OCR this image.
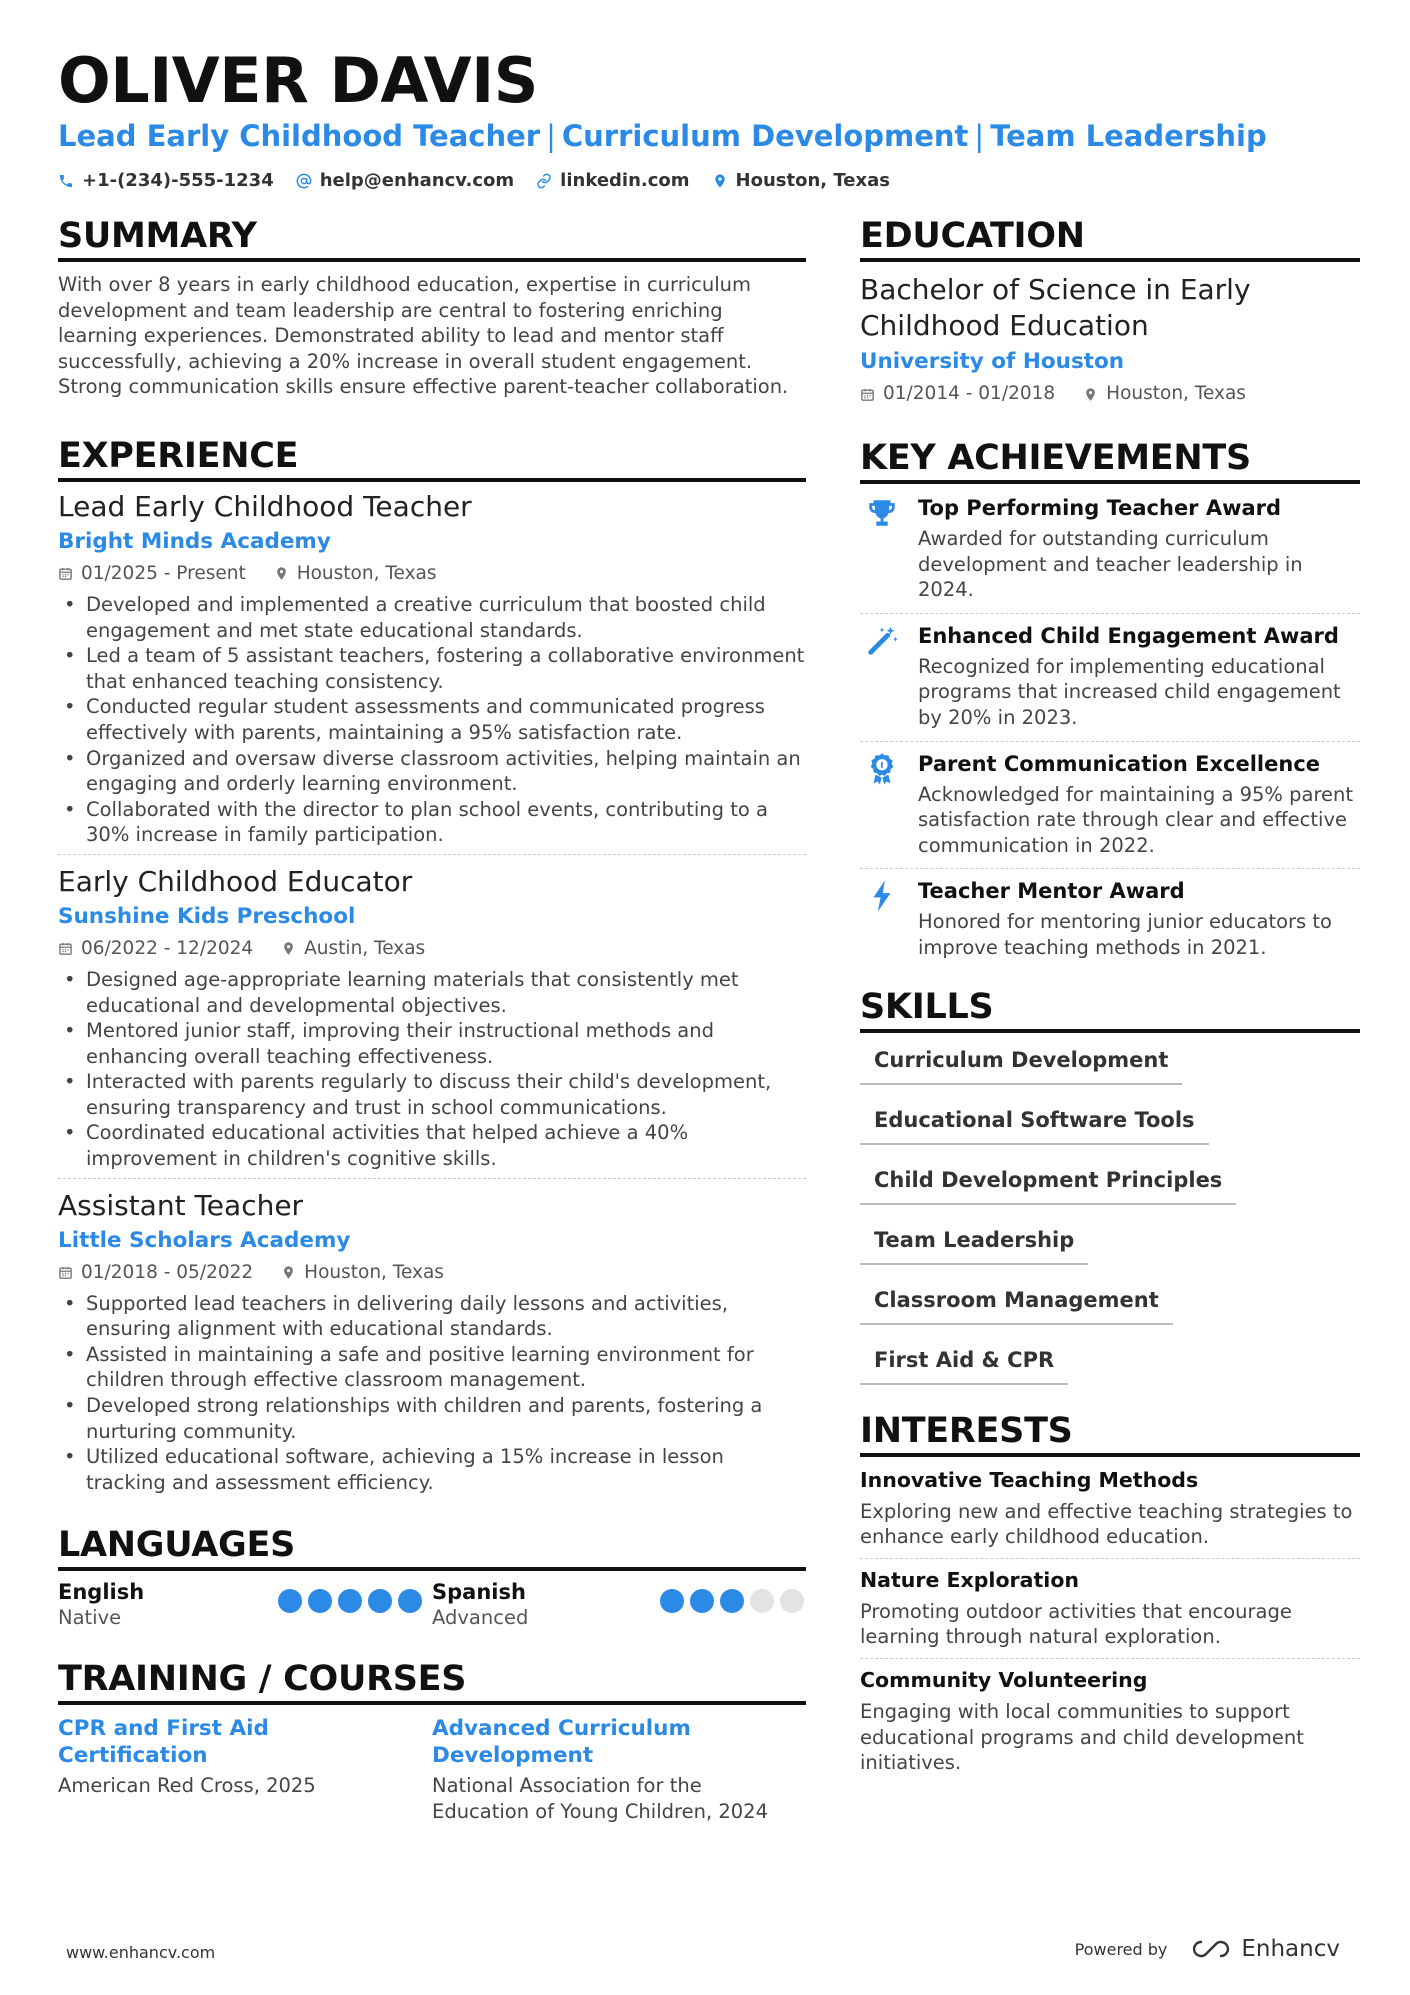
OLIVER DAVIS
Lead Early Childhood Teacher | Curriculum Development | Team Leadership
+1-(234)-555-1234	help@enhancv.com	linkedin.com	Houston, Texas
SUMMARY

With over 8 years in early childhood education, expertise in curriculum development and team leadership are central to fostering enriching learning experiences. Demonstrated ability to lead and mentor staff successfully, achieving a 20% increase in overall student engagement. Strong communication skills ensure effective parent-teacher collaboration.

EXPERIENCE
Lead Early Childhood Teacher
Bright Minds Academy
01/2025 - Present	Houston, Texas
• Developed and implemented a creative curriculum that boosted child engagement and met state educational standards.
• Led a team of 5 assistant teachers, fostering a collaborative environment that enhanced teaching consistency.
• Conducted regular student assessments and communicated progress effectively with parents, maintaining a 95% satisfaction rate.
• Organized and oversaw diverse classroom activities, helping maintain an engaging and orderly learning environment.
• Collaborated with the director to plan school events, contributing to a 30% increase in family participation.
Early Childhood Educator
Sunshine Kids Preschool
06/2022 - 12/2024	Austin, Texas
• Designed age-appropriate learning materials that consistently met educational and developmental objectives.
• Mentored junior staff, improving their instructional methods and enhancing overall teaching effectiveness.
• Interacted with parents regularly to discuss their child's development, ensuring transparency and trust in school communications.
• Coordinated educational activities that helped achieve a 40% improvement in children's cognitive skills.
Assistant Teacher
Little Scholars Academy
01/2018 - 05/2022	Houston, Texas
• Supported lead teachers in delivering daily lessons and activities, ensuring alignment with educational standards.
• Assisted in maintaining a safe and positive learning environment for children through effective classroom management.
• Developed strong relationships with children and parents, fostering a nurturing community.
• Utilized educational software, achieving a 15% increase in lesson tracking and assessment efficiency.
LANGUAGES
English
Native
Spanish
Advanced
TRAINING / COURSES
CPR and First Aid Certification
American Red Cross, 2025
Advanced Curriculum Development
National Association for the Education of Young Children, 2024
EDUCATION
Bachelor of Science in Early Childhood Education
University of Houston
01/2014 - 01/2018	Houston, Texas
KEY ACHIEVEMENTS
Top Performing Teacher Award
Awarded for outstanding curriculum development and teacher leadership in 2024.
Enhanced Child Engagement Award
Recognized for implementing educational programs that increased child engagement by 20% in 2023.
Parent Communication Excellence
Acknowledged for maintaining a 95% parent satisfaction rate through clear and effective communication in 2022.
Teacher Mentor Award
Honored for mentoring junior educators to improve teaching methods in 2021.
SKILLS
Curriculum Development
Educational Software Tools
Child Development Principles
Team Leadership
Classroom Management
First Aid & CPR
INTERESTS
Innovative Teaching Methods
Exploring new and effective teaching strategies to enhance early childhood education.
Nature Exploration
Promoting outdoor activities that encourage learning through natural exploration.
Community Volunteering
Engaging with local communities to support educational programs and child development initiatives.
www.enhancv.com	Powered by	Enhancv
